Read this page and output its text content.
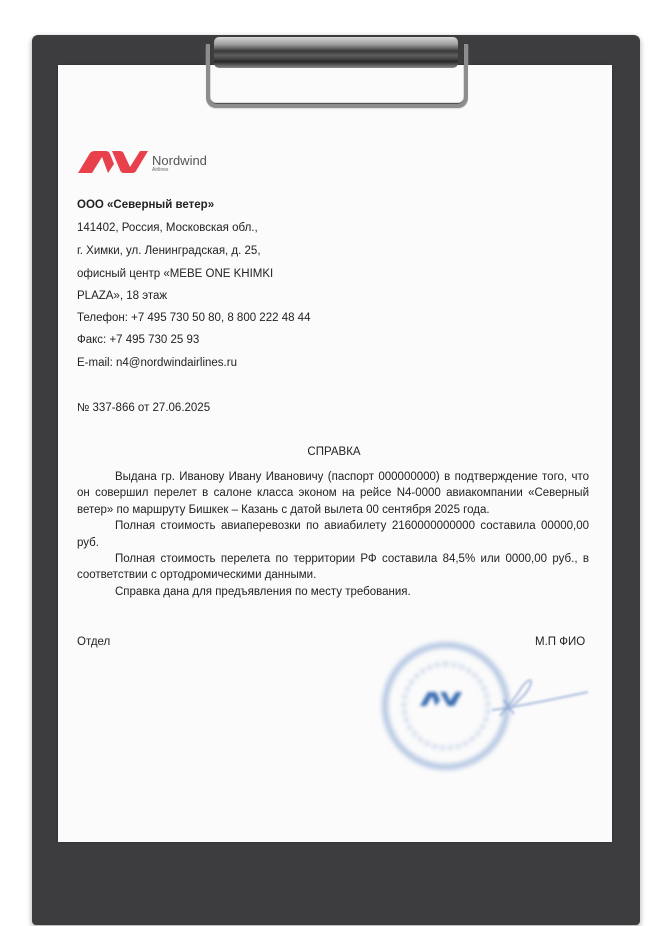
Nordwind
Airlines
ООО «Северный ветер»
141402, Россия, Московская обл.,
г. Химки, ул. Ленинградская, д. 25,
офисный центр «MEBE ONE KHIMKI
PLAZA», 18 этаж
Телефон: +7 495 730 50 80, 8 800 222 48 44
Факс: +7 495 730 25 93
E-mail: n4@nordwindairlines.ru
№ 337-866 от 27.06.2025
СПРАВКА

Выдана гр. Иванову Ивану Ивановичу (паспорт 000000000) в подтверждение того, что он совершил перелет в салоне класса эконом на рейсе N4-0000 авиакомпании «Северный ветер» по маршруту Бишкек – Казань с датой вылета 00 сентября 2025 года.

Полная стоимость авиаперевозки по авиабилету 2160000000000 составила 00000,00 руб.

Полная стоимость перелета по территории РФ составила 84,5% или 0000,00 руб., в соответствии с ортодромическими данными.

Справка дана для предъявления по месту требования.

Отдел	М.П ФИО
